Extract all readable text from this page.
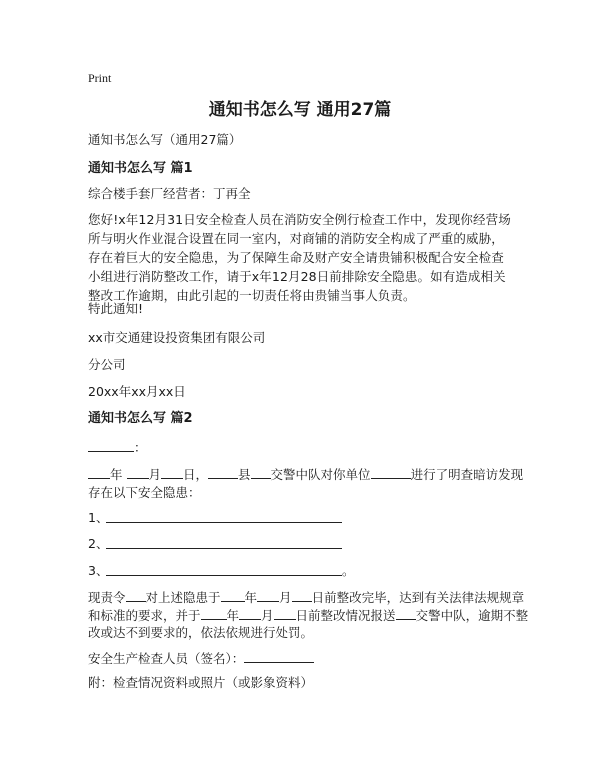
Print
通知书怎么写 通用27篇
通知书怎么写（通用27篇）
通知书怎么写 篇1
综合楼手套厂经营者：丁再全
您好!x年12月31日安全检查人员在消防安全例行检查工作中，发现你经营场所与明火作业混合设置在同一室内，对商铺的消防安全构成了严重的威胁，存在着巨大的安全隐患，为了保障生命及财产安全请贵铺积极配合安全检查小组进行消防整改工作，请于x年12月28日前排除安全隐患。如有造成相关整改工作逾期，由此引起的一切责任将由贵铺当事人负责。
特此通知!
xx市交通建设投资集团有限公司
分公司
20xx年xx月xx日
通知书怎么写 篇2
：
年 月 日， 县 交警中队对你单位	进行了明查暗访发现
存在以下安全隐患：
1、
2、
3、	。
现责令 对上述隐患于 年 月 日前整改完毕，达到有关法律法规规章
和标准的要求，并于 年 月 日前整改情况报送 交警中队，逾期不整
改或达不到要求的，依法依规进行处罚。
安全生产检查人员（签名）：
附：检查情况资料或照片（或影象资料）
